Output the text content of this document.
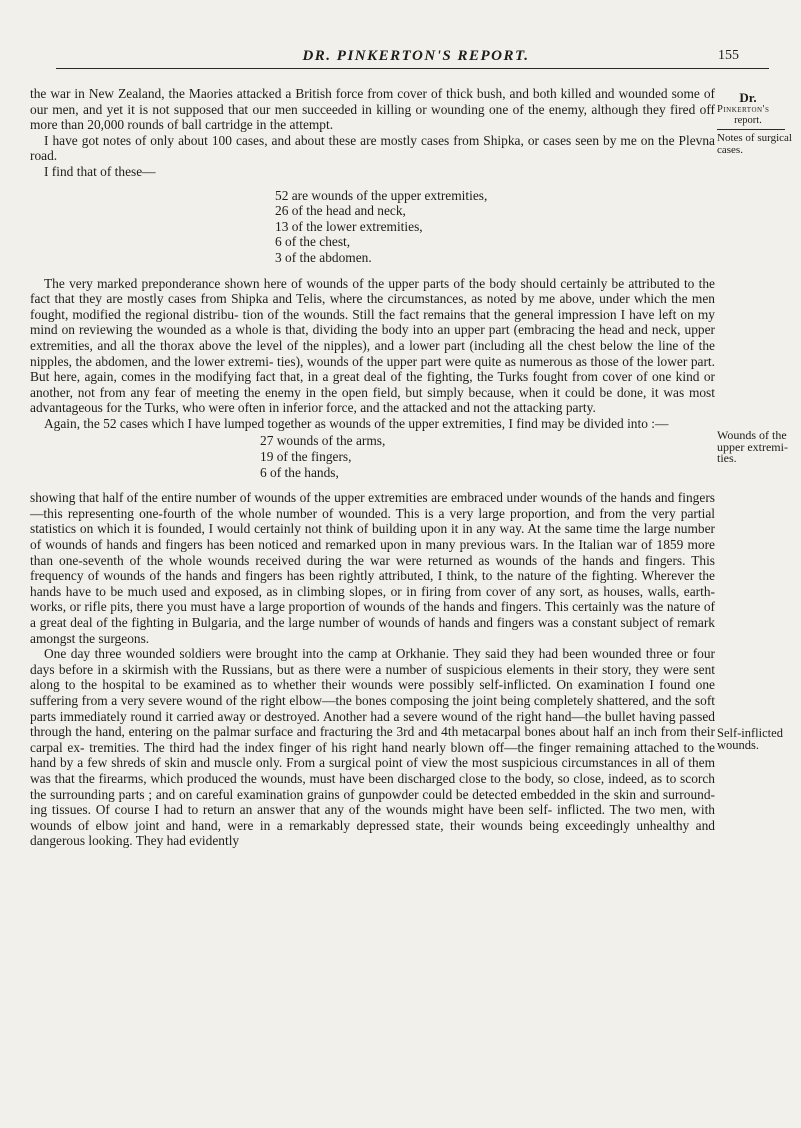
DR. PINKERTON'S REPORT.	155
Dr.
Pinkerton's
report.
Notes of surgical cases.
Wounds of the upper extremi- ties.
Self-inflicted wounds.

the war in New Zealand, the Maories attacked a British force from cover of thick bush, and both killed and wounded some of our men, and yet it is not supposed that our men succeeded in killing or wounding one of the enemy, although they fired off more than 20,000 rounds of ball cartridge in the attempt.

I have got notes of only about 100 cases, and about these are mostly cases from Shipka, or cases seen by me on the Plevna road.

I find that of these—

52 are wounds of the upper extremities,
26 of the head and neck,
13 of the lower extremities,
6 of the chest,
3 of the abdomen.

The very marked preponderance shown here of wounds of the upper parts of the body should certainly be attributed to the fact that they are mostly cases from Shipka and Telis, where the circumstances, as noted by me above, under which the men fought, modified the regional distribu- tion of the wounds. Still the fact remains that the general impression I have left on my mind on reviewing the wounded as a whole is that, dividing the body into an upper part (embracing the head and neck, upper extremities, and all the thorax above the level of the nipples), and a lower part (including all the chest below the line of the nipples, the abdomen, and the lower extremi- ties), wounds of the upper part were quite as numerous as those of the lower part. But here, again, comes in the modifying fact that, in a great deal of the fighting, the Turks fought from cover of one kind or another, not from any fear of meeting the enemy in the open field, but simply because, when it could be done, it was most advantageous for the Turks, who were often in inferior force, and the attacked and not the attacking party.

Again, the 52 cases which I have lumped together as wounds of the upper extremities, I find may be divided into :—

27 wounds of the arms,
19 of the fingers,
6 of the hands,

showing that half of the entire number of wounds of the upper extremities are embraced under wounds of the hands and fingers—this representing one-fourth of the whole number of wounded. This is a very large proportion, and from the very partial statistics on which it is founded, I would certainly not think of building upon it in any way. At the same time the large number of wounds of hands and fingers has been noticed and remarked upon in many previous wars. In the Italian war of 1859 more than one-seventh of the whole wounds received during the war were returned as wounds of the hands and fingers. This frequency of wounds of the hands and fingers has been rightly attributed, I think, to the nature of the fighting. Wherever the hands have to be much used and exposed, as in climbing slopes, or in firing from cover of any sort, as houses, walls, earth- works, or rifle pits, there you must have a large proportion of wounds of the hands and fingers. This certainly was the nature of a great deal of the fighting in Bulgaria, and the large number of wounds of hands and fingers was a constant subject of remark amongst the surgeons.

One day three wounded soldiers were brought into the camp at Orkhanie. They said they had been wounded three or four days before in a skirmish with the Russians, but as there were a number of suspicious elements in their story, they were sent along to the hospital to be examined as to whether their wounds were possibly self-inflicted. On examination I found one suffering from a very severe wound of the right elbow—the bones composing the joint being completely shattered, and the soft parts immediately round it carried away or destroyed. Another had a severe wound of the right hand—the bullet having passed through the hand, entering on the palmar surface and fracturing the 3rd and 4th metacarpal bones about half an inch from their carpal ex- tremities. The third had the index finger of his right hand nearly blown off—the finger remaining attached to the hand by a few shreds of skin and muscle only. From a surgical point of view the most suspicious circumstances in all of them was that the firearms, which produced the wounds, must have been discharged close to the body, so close, indeed, as to scorch the surrounding parts ; and on careful examination grains of gunpowder could be detected embedded in the skin and surround- ing tissues. Of course I had to return an answer that any of the wounds might have been self- inflicted. The two men, with wounds of elbow joint and hand, were in a remarkably depressed state, their wounds being exceedingly unhealthy and dangerous looking. They had evidently
